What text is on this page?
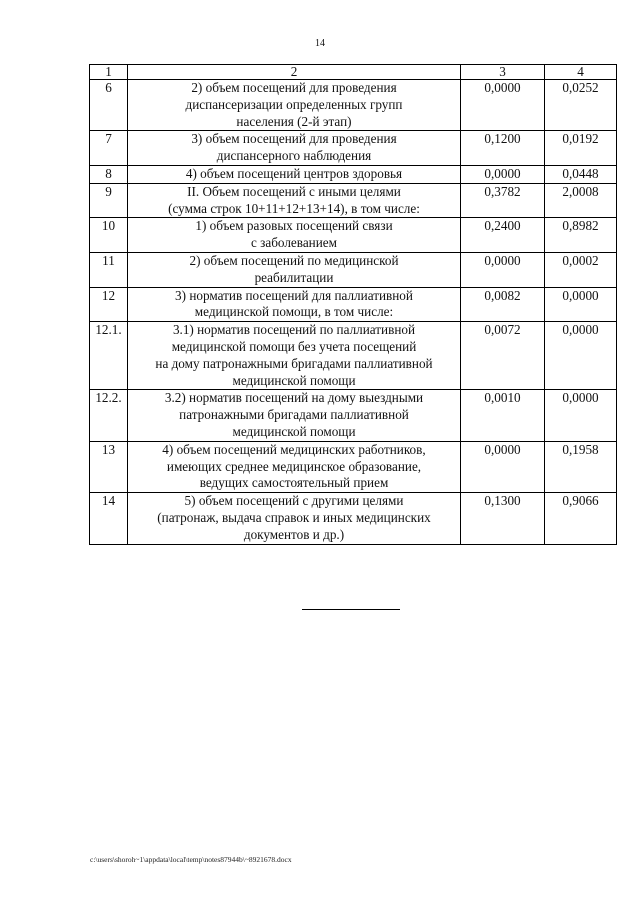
14
1	2	3	4
6	2) объем посещений для проведения
диспансеризации определенных групп
населения (2-й этап)	0,0000	0,0252
7	3) объем посещений для проведения
диспансерного наблюдения	0,1200	0,0192
8	4) объем посещений центров здоровья	0,0000	0,0448
9	II. Объем посещений с иными целями
(сумма строк 10+11+12+13+14), в том числе:	0,3782	2,0008
10	1) объем разовых посещений связи
с заболеванием	0,2400	0,8982
11	2) объем посещений по медицинской
реабилитации	0,0000	0,0002
12	3) норматив посещений для паллиативной
медицинской помощи, в том числе:	0,0082	0,0000
12.1.	3.1) норматив посещений по паллиативной
медицинской помощи без учета посещений
на дому патронажными бригадами паллиативной
медицинской помощи	0,0072	0,0000
12.2.	3.2) норматив посещений на дому выездными
патронажными бригадами паллиативной
медицинской помощи	0,0010	0,0000
13	4) объем посещений медицинских работников,
имеющих среднее медицинское образование,
ведущих самостоятельный прием	0,0000	0,1958
14	5) объем посещений с другими целями
(патронаж, выдача справок и иных медицинских
документов и др.)	0,1300	0,9066
c:\users\shoroh~1\appdata\local\temp\notes87944b\~8921678.docx
